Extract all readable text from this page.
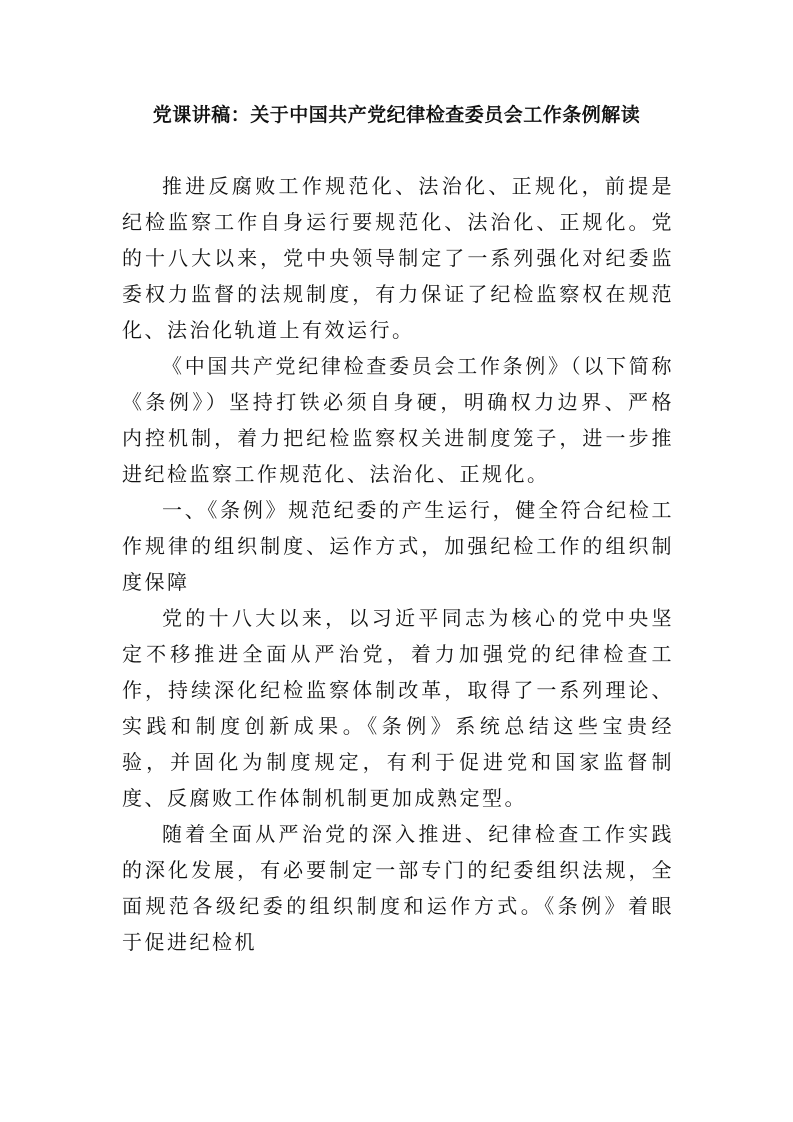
党课讲稿：关于中国共产党纪律检查委员会工作条例解读

推进反腐败工作规范化、法治化、正规化，前提是纪检监察工作自身运行要规范化、法治化、正规化。党的十八大以来，党中央领导制定了一系列强化对纪委监委权力监督的法规制度，有力保证了纪检监察权在规范化、法治化轨道上有效运行。

《中国共产党纪律检查委员会工作条例》（以下简称《条例》）坚持打铁必须自身硬，明确权力边界、严格内控机制，着力把纪检监察权关进制度笼子，进一步推进纪检监察工作规范化、法治化、正规化。

一、《条例》规范纪委的产生运行，健全符合纪检工作规律的组织制度、运作方式，加强纪检工作的组织制度保障

党的十八大以来，以习近平同志为核心的党中央坚定不移推进全面从严治党，着力加强党的纪律检查工作，持续深化纪检监察体制改革，取得了一系列理论、实践和制度创新成果。《条例》系统总结这些宝贵经验，并固化为制度规定，有利于促进党和国家监督制度、反腐败工作体制机制更加成熟定型。

随着全面从严治党的深入推进、纪律检查工作实践的深化发展，有必要制定一部专门的纪委组织法规，全面规范各级纪委的组织制度和运作方式。《条例》着眼于促进纪检机
